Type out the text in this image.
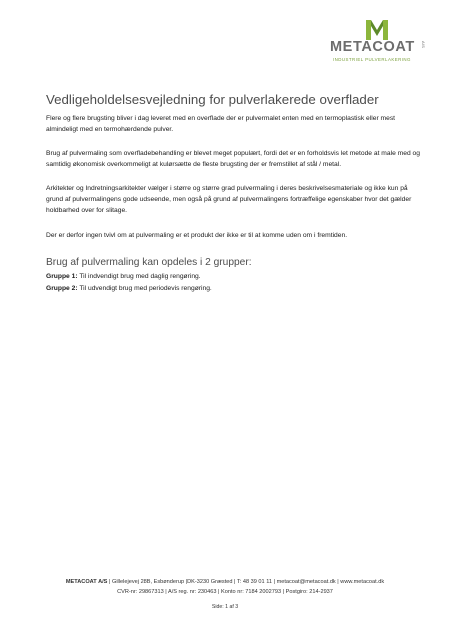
METACOAT A/S
INDUSTRIEL PULVERLAKERING
Vedligeholdelsesvejledning for pulverlakerede overflader

Flere og flere brugsting bliver i dag leveret med en overflade der er pulvermalet enten med en termoplastisk eller mest almindeligt med en termohærdende pulver.

Brug af pulvermaling som overfladebehandling er blevet meget populært, fordi det er en forholdsvis let metode at male med og samtidig økonomisk overkommeligt at kulørsætte de fleste brugsting der er fremstillet af stål / metal.

Arkitekter og Indretningsarkitekter vælger i større og større grad pulvermaling i deres beskrivelsesmateriale og ikke kun på grund af pulvermalingens gode udseende, men også på grund af pulvermalingens fortræffelige egenskaber hvor det gælder holdbarhed over for slitage.

Der er derfor ingen tvivl om at pulvermaling er et produkt der ikke er til at komme uden om i fremtiden.

Brug af pulvermaling kan opdeles i 2 grupper:
Gruppe 1: Til indvendigt brug med daglig rengøring.
Gruppe 2: Til udvendigt brug med periodevis rengøring.
METACOAT A/S | Gillelejevej 28B, Esbønderup |DK-3230 Græsted | T: 48 39 01 11 | metacoat@metacoat.dk | www.metacoat.dk
CVR-nr: 29867313 | A/S reg. nr: 230463 | Konto nr: 7184 2002793 | Postgiro: 214-2937
Side: 1 af 3
